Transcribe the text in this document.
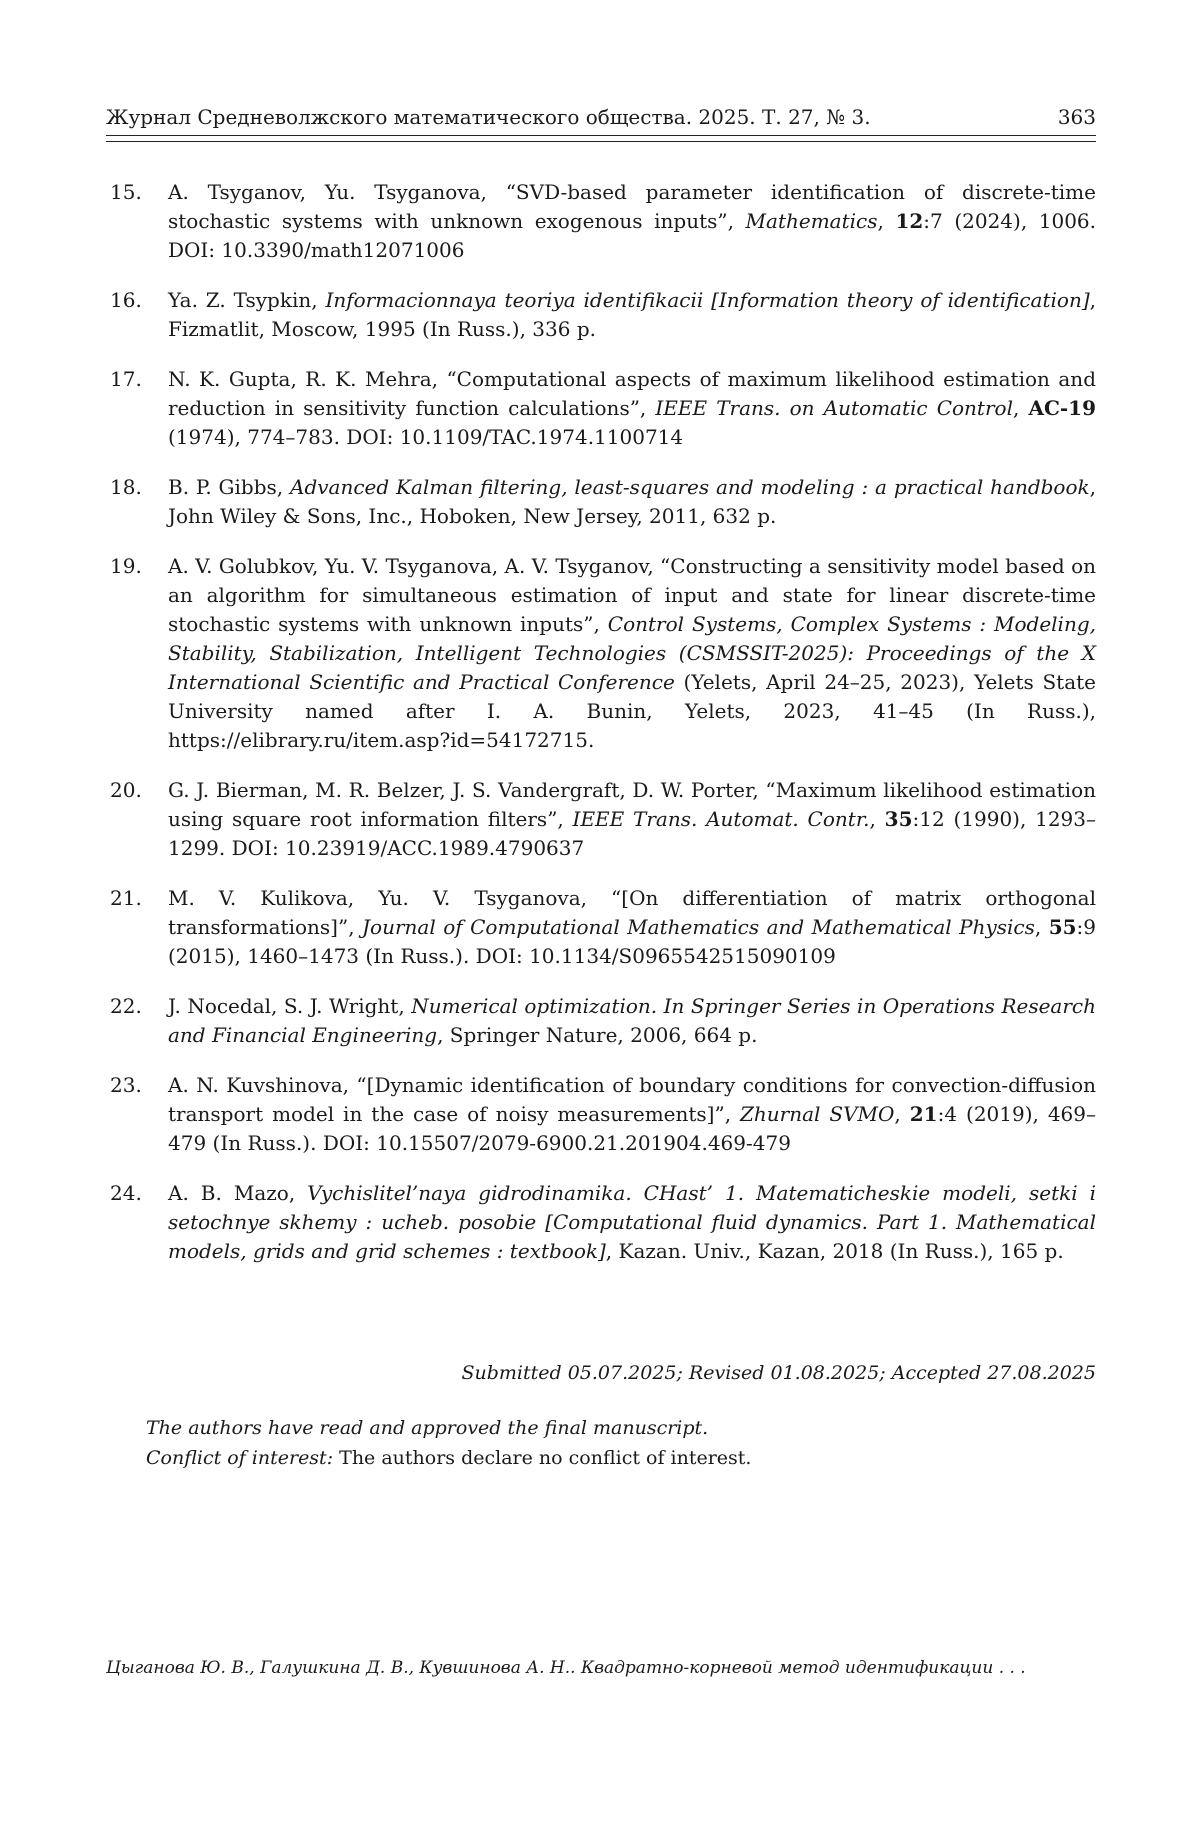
Журнал Средневолжского математического общества. 2025. Т. 27, № 3.	363
15.	A. Tsyganov, Yu. Tsyganova, “SVD-based parameter identification of discrete-time stochastic systems with unknown exogenous inputs”, Mathematics, 12:7 (2024), 1006. DOI: 10.3390/math12071006
16.	Ya. Z. Tsypkin, Informacionnaya teoriya identifikacii [Information theory of identification], Fizmatlit, Moscow, 1995 (In Russ.), 336 p.
17.	N. K. Gupta, R. K. Mehra, “Computational aspects of maximum likelihood estimation and reduction in sensitivity function calculations”, IEEE Trans. on Automatic Control, AC-19 (1974), 774–783. DOI: 10.1109/TAC.1974.1100714
18.	B. P. Gibbs, Advanced Kalman filtering, least-squares and modeling : a practical handbook, John Wiley & Sons, Inc., Hoboken, New Jersey, 2011, 632 p.
19.	A. V. Golubkov, Yu. V. Tsyganova, A. V. Tsyganov, “Constructing a sensitivity model based on an algorithm for simultaneous estimation of input and state for linear discrete-time stochastic systems with unknown inputs”, Control Systems, Complex Systems : Modeling, Stability, Stabilization, Intelligent Technologies (CSMSSIT-2025): Proceedings of the X International Scientific and Practical Conference (Yelets, April 24–25, 2023), Yelets State University named after I. A. Bunin, Yelets, 2023, 41–45 (In Russ.), https://elibrary.ru/item.asp?id=54172715.
20.	G. J. Bierman, M. R. Belzer, J. S. Vandergraft, D. W. Porter, “Maximum likelihood estimation using square root information filters”, IEEE Trans. Automat. Contr., 35:12 (1990), 1293–1299. DOI: 10.23919/ACC.1989.4790637
21.	M. V. Kulikova, Yu. V. Tsyganova, “[On differentiation of matrix orthogonal transformations]”, Journal of Computational Mathematics and Mathematical Physics, 55:9 (2015), 1460–1473 (In Russ.). DOI: 10.1134/S0965542515090109
22.	J. Nocedal, S. J. Wright, Numerical optimization. In Springer Series in Operations Research and Financial Engineering, Springer Nature, 2006, 664 p.
23.	A. N. Kuvshinova, “[Dynamic identification of boundary conditions for convection-diffusion transport model in the case of noisy measurements]”, Zhurnal SVMO, 21:4 (2019), 469–479 (In Russ.). DOI: 10.15507/2079-6900.21.201904.469-479
24.	A. B. Mazo, Vychislitel’naya gidrodinamika. CHast’ 1. Matematicheskie modeli, setki i setochnye skhemy : ucheb. posobie [Computational fluid dynamics. Part 1. Mathematical models, grids and grid schemes : textbook], Kazan. Univ., Kazan, 2018 (In Russ.), 165 p.
Submitted 05.07.2025; Revised 01.08.2025; Accepted 27.08.2025
The authors have read and approved the final manuscript.
Conflict of interest: The authors declare no conflict of interest.
Цыганова Ю. В., Галушкина Д. В., Кувшинова А. Н.. Квадратно-корневой метод идентификации . . .
